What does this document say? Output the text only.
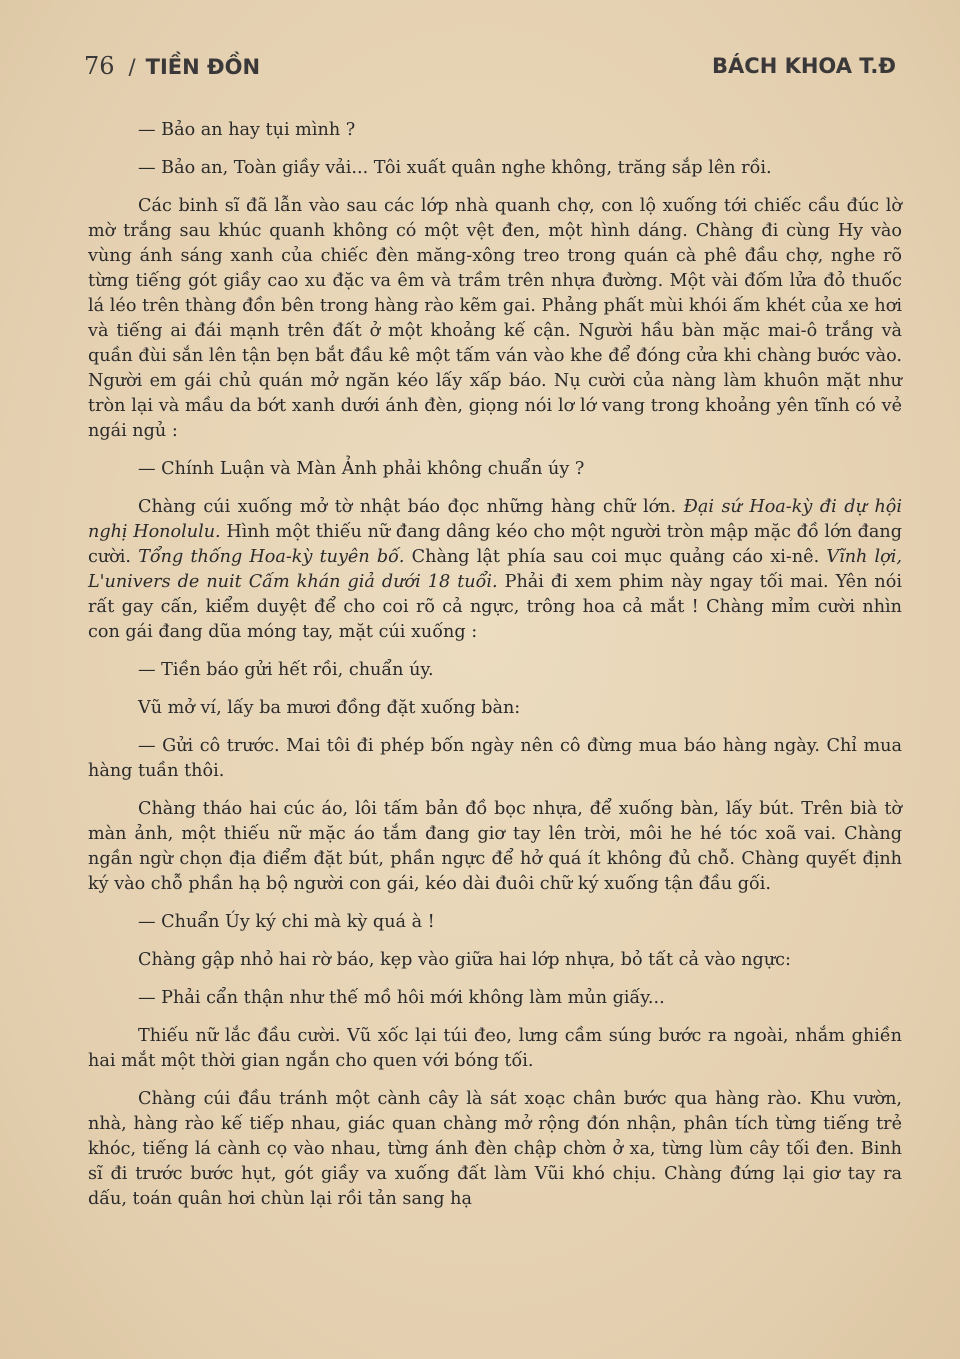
76 / TIỀN ĐỒN	BÁCH KHOA T.Đ

— Bảo an hay tụi mình ?

— Bảo an, Toàn giầy vải... Tôi xuất quân nghe không, trăng sắp lên rồi.

Các binh sĩ đã lẫn vào sau các lớp nhà quanh chợ, con lộ xuống tới chiếc cầu đúc lờ mờ trắng sau khúc quanh không có một vệt đen, một hình dáng. Chàng đi cùng Hy vào vùng ánh sáng xanh của chiếc đèn măng-xông treo trong quán cà phê đầu chợ, nghe rõ từng tiếng gót giầy cao xu đặc va êm và trầm trên nhựa đường. Một vài đốm lửa đỏ thuốc lá léo trên thàng đồn bên trong hàng rào kẽm gai. Phảng phất mùi khói ấm khét của xe hơi và tiếng ai đái mạnh trên đất ở một khoảng kế cận. Người hầu bàn mặc mai-ô trắng và quần đùi sắn lên tận bẹn bắt đầu kê một tấm ván vào khe để đóng cửa khi chàng bước vào. Người em gái chủ quán mở ngăn kéo lấy xấp báo. Nụ cười của nàng làm khuôn mặt như tròn lại và mầu da bớt xanh dưới ánh đèn, giọng nói lơ lớ vang trong khoảng yên tĩnh có vẻ ngái ngủ :

— Chính Luận và Màn Ảnh phải không chuẩn úy ?

Chàng cúi xuống mở tờ nhật báo đọc những hàng chữ lớn. Đại sứ Hoa-kỳ đi dự hội nghị Honolulu. Hình một thiếu nữ đang dâng kéo cho một người tròn mập mặc đồ lớn đang cười. Tổng thống Hoa-kỳ tuyên bố. Chàng lật phía sau coi mục quảng cáo xi-nê. Vĩnh lợi, L'univers de nuit Cấm khán giả dưới 18 tuổi. Phải đi xem phim này ngay tối mai. Yên nói rất gay cấn, kiểm duyệt để cho coi rõ cả ngực, trông hoa cả mắt ! Chàng mỉm cười nhìn con gái đang dũa móng tay, mặt cúi xuống :

— Tiền báo gửi hết rồi, chuẩn úy.

Vũ mở ví, lấy ba mươi đồng đặt xuống bàn:

— Gửi cô trước. Mai tôi đi phép bốn ngày nên cô đừng mua báo hàng ngày. Chỉ mua hàng tuần thôi.

Chàng tháo hai cúc áo, lôi tấm bản đồ bọc nhựa, để xuống bàn, lấy bút. Trên bià tờ màn ảnh, một thiếu nữ mặc áo tắm đang giơ tay lên trời, môi he hé tóc xoã vai. Chàng ngần ngừ chọn địa điểm đặt bút, phần ngực để hở quá ít không đủ chỗ. Chàng quyết định ký vào chỗ phần hạ bộ người con gái, kéo dài đuôi chữ ký xuống tận đầu gối.

— Chuẩn Úy ký chi mà kỳ quá à !

Chàng gập nhỏ hai rờ báo, kẹp vào giữa hai lớp nhựa, bỏ tất cả vào ngực:

— Phải cẩn thận như thế mồ hôi mới không làm mủn giấy...

Thiếu nữ lắc đầu cười. Vũ xốc lại túi đeo, lưng cầm súng bước ra ngoài, nhắm ghiền hai mắt một thời gian ngắn cho quen với bóng tối.

Chàng cúi đầu tránh một cành cây là sát xoạc chân bước qua hàng rào. Khu vườn, nhà, hàng rào kế tiếp nhau, giác quan chàng mở rộng đón nhận, phân tích từng tiếng trẻ khóc, tiếng lá cành cọ vào nhau, từng ánh đèn chập chờn ở xa, từng lùm cây tối đen. Binh sĩ đi trước bước hụt, gót giầy va xuống đất làm Vũi khó chịu. Chàng đứng lại giơ tay ra dấu, toán quân hơi chùn lại rồi tản sang hạ
